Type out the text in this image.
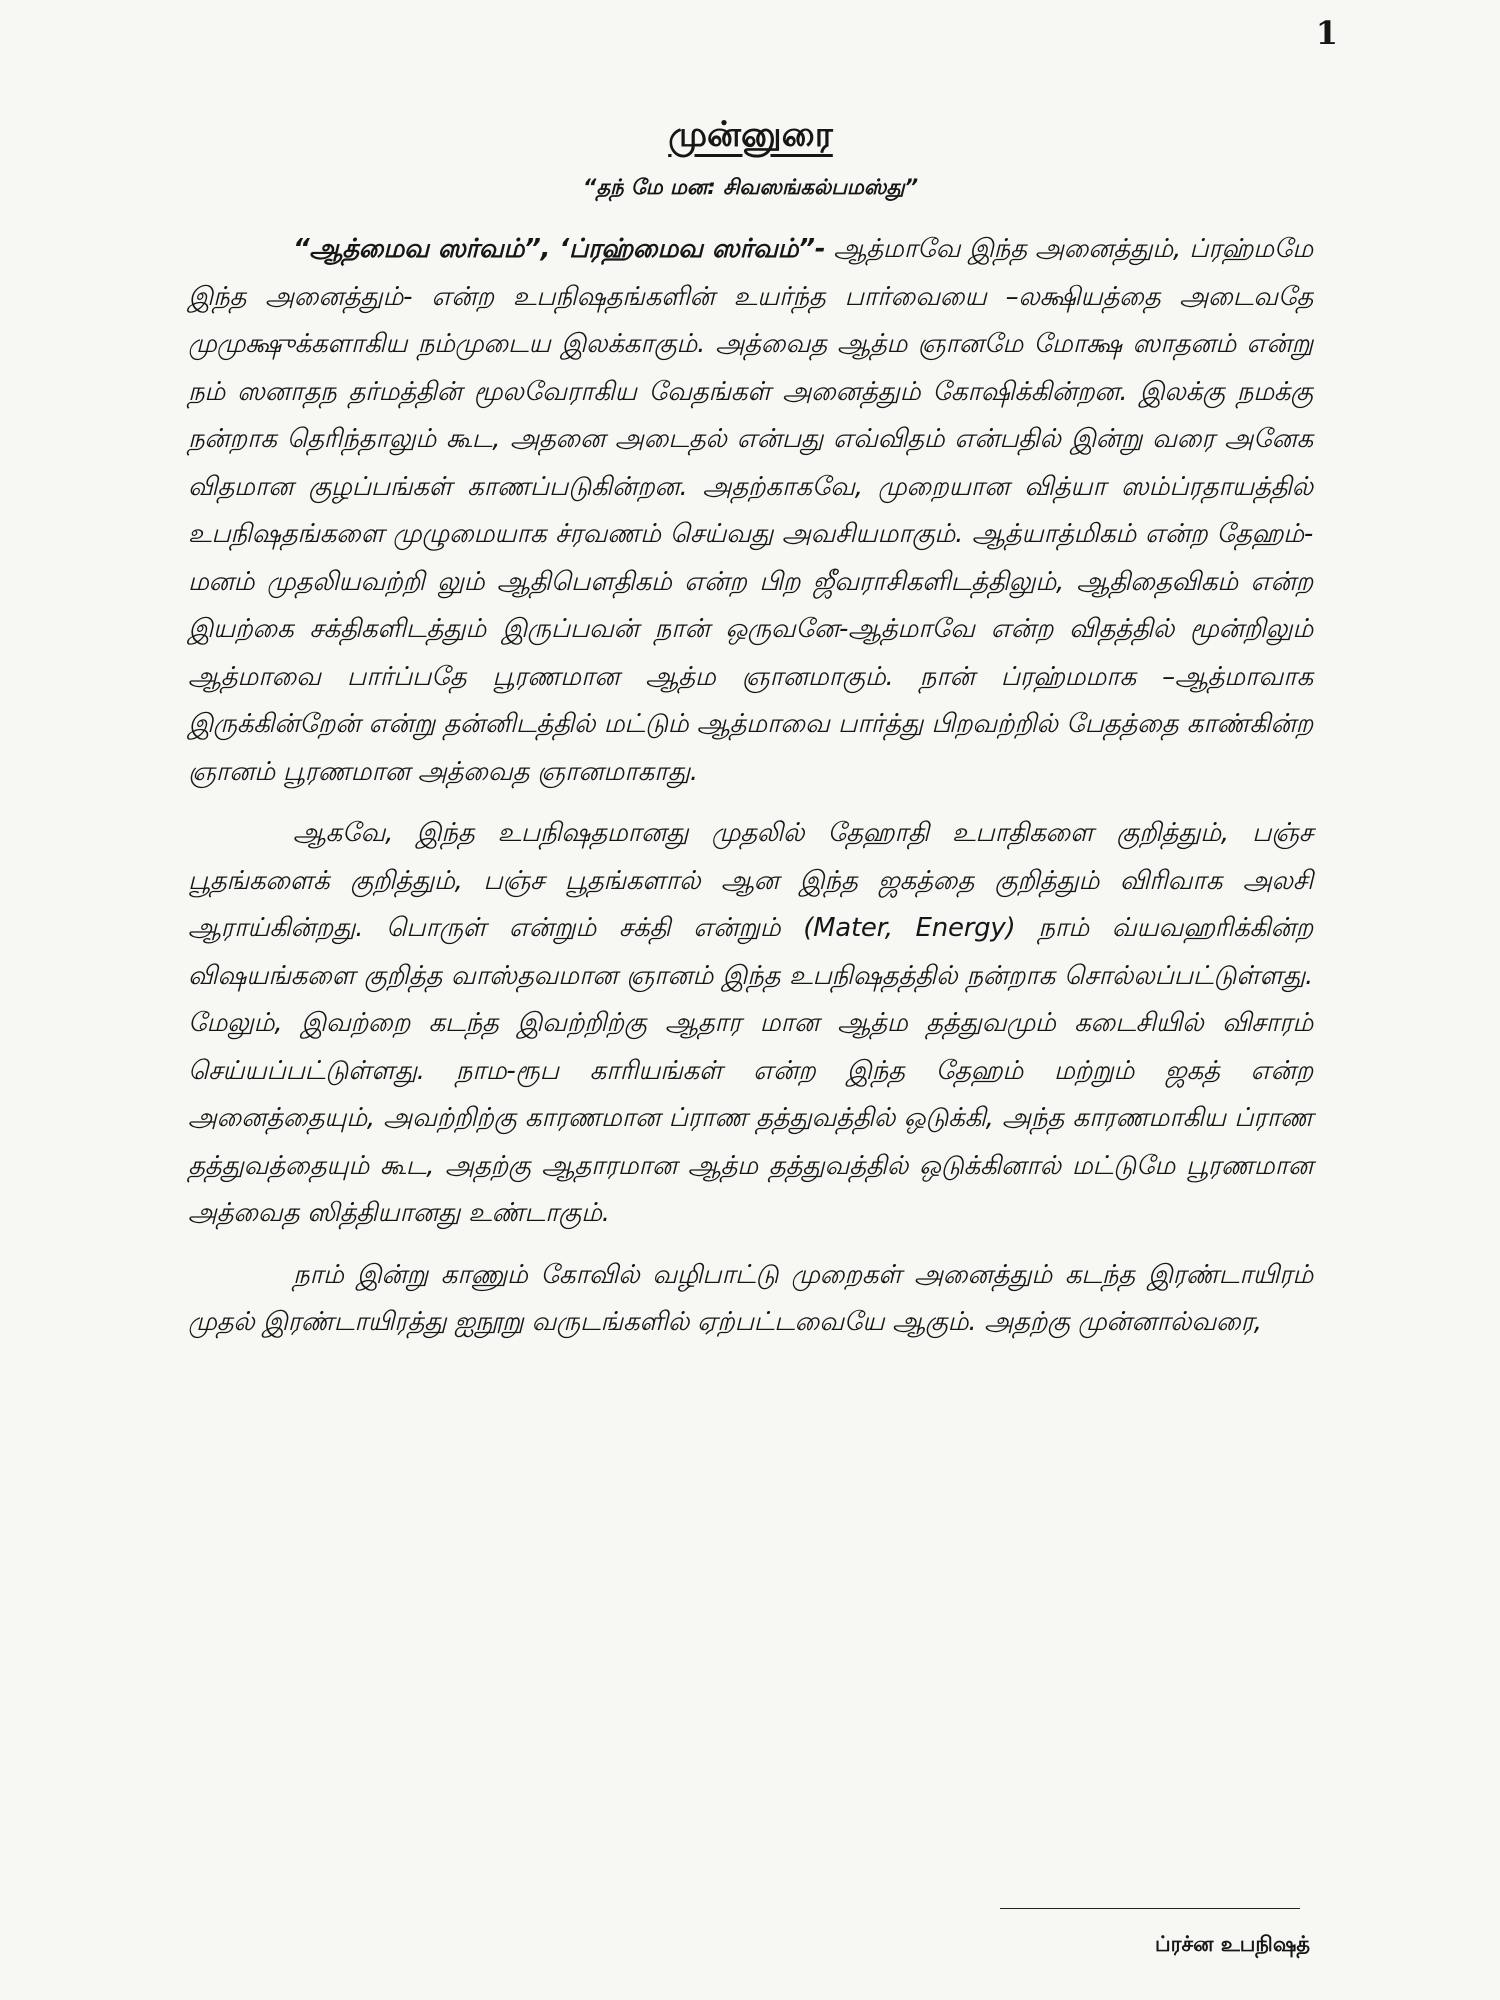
1
முன்னுரை
“தந் மே மன: சிவஸங்கல்பமஸ்து”

“ஆத்மைவ ஸர்வம்”, ‘ப்ரஹ்மைவ ஸர்வம்”- ஆத்மாவே இந்த அனைத்தும், ப்ரஹ்மமே இந்த அனைத்தும்- என்ற உபநிஷதங்களின் உயர்ந்த பார்வையை –லக்ஷியத்தை அடைவதே முமுக்ஷுக்களாகிய நம்முடைய இலக்காகும். அத்வைத ஆத்ம ஞானமே மோக்ஷ ஸாதனம் என்று நம் ஸனாதந தர்மத்தின் மூலவேராகிய வேதங்கள் அனைத்தும் கோஷிக்கின்றன. இலக்கு நமக்கு நன்றாக தெரிந்தாலும் கூட, அதனை அடைதல் என்பது எவ்விதம் என்பதில் இன்று வரை அனேக விதமான குழப்பங்கள் காணப்படுகின்றன. அதற்காகவே, முறையான வித்யா ஸம்ப்ரதாயத்தில் உபநிஷதங்களை முழுமையாக ச்ரவணம் செய்வது அவசியமாகும். ஆத்யாத்மிகம் என்ற தேஹம்-மனம் முதலியவற்றி லும் ஆதிபௌதிகம் என்ற பிற ஜீவராசிகளிடத்திலும், ஆதிதைவிகம் என்ற இயற்கை சக்திகளிடத்தும் இருப்பவன் நான் ஒருவனே-ஆத்மாவே என்ற விதத்தில் மூன்றிலும் ஆத்மாவை பார்ப்பதே பூரணமான ஆத்ம ஞானமாகும். நான் ப்ரஹ்மமாக –ஆத்மாவாக இருக்கின்றேன் என்று தன்னிடத்தில் மட்டும் ஆத்மாவை பார்த்து பிறவற்றில் பேதத்தை காண்கின்ற ஞானம் பூரணமான அத்வைத ஞானமாகாது.

ஆகவே, இந்த உபநிஷதமானது முதலில் தேஹாதி உபாதிகளை குறித்தும், பஞ்ச பூதங்களைக் குறித்தும், பஞ்ச பூதங்களால் ஆன இந்த ஜகத்தை குறித்தும் விரிவாக அலசி ஆராய்கின்றது. பொருள் என்றும் சக்தி என்றும் (Mater, Energy) நாம் வ்யவஹரிக்கின்ற விஷயங்களை குறித்த வாஸ்தவமான ஞானம் இந்த உபநிஷதத்தில் நன்றாக சொல்லப்பட்டுள்ளது. மேலும், இவற்றை கடந்த இவற்றிற்கு ஆதார மான ஆத்ம தத்துவமும் கடைசியில் விசாரம் செய்யப்பட்டுள்ளது. நாம-ரூப காரியங்கள் என்ற இந்த தேஹம் மற்றும் ஜகத் என்ற அனைத்தையும், அவற்றிற்கு காரணமான ப்ராண தத்துவத்தில் ஒடுக்கி, அந்த காரணமாகிய ப்ராண தத்துவத்தையும் கூட, அதற்கு ஆதாரமான ஆத்ம தத்துவத்தில் ஒடுக்கினால் மட்டுமே பூரணமான அத்வைத ஸித்தியானது உண்டாகும்.

நாம் இன்று காணும் கோவில் வழிபாட்டு முறைகள் அனைத்தும் கடந்த இரண்டாயிரம் முதல் இரண்டாயிரத்து ஐநூறு வருடங்களில் ஏற்பட்டவையே ஆகும். அதற்கு முன்னால்வரை,

ப்ரச்ன உபநிஷத்
